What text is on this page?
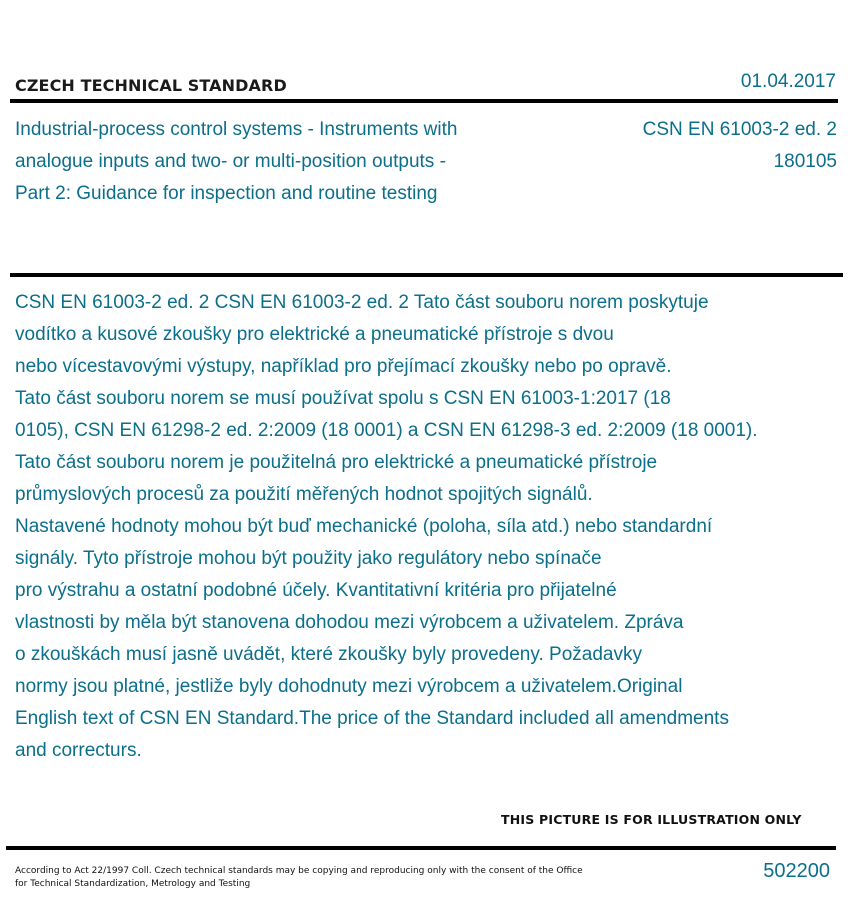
CZECH TECHNICAL STANDARD	01.04.2017
Industrial-process control systems - Instruments with
analogue inputs and two- or multi-position outputs -
Part 2: Guidance for inspection and routine testing
CSN EN 61003-2 ed. 2
180105
CSN EN 61003-2 ed. 2 CSN EN 61003-2 ed. 2 Tato část souboru norem poskytuje
vodítko a kusové zkoušky pro elektrické a pneumatické přístroje s dvou
nebo vícestavovými výstupy, například pro přejímací zkoušky nebo po opravě.
Tato část souboru norem se musí používat spolu s CSN EN 61003-1:2017 (18
0105), CSN EN 61298-2 ed. 2:2009 (18 0001) a CSN EN 61298-3 ed. 2:2009 (18 0001).
Tato část souboru norem je použitelná pro elektrické a pneumatické přístroje
průmyslových procesů za použití měřených hodnot spojitých signálů.
Nastavené hodnoty mohou být buď mechanické (poloha, síla atd.) nebo standardní
signály. Tyto přístroje mohou být použity jako regulátory nebo spínače
pro výstrahu a ostatní podobné účely. Kvantitativní kritéria pro přijatelné
vlastnosti by měla být stanovena dohodou mezi výrobcem a uživatelem. Zpráva
o zkouškách musí jasně uvádět, které zkoušky byly provedeny. Požadavky
normy jsou platné, jestliže byly dohodnuty mezi výrobcem a uživatelem.Original
English text of CSN EN Standard.The price of the Standard included all amendments
and correcturs.
THIS PICTURE IS FOR ILLUSTRATION ONLY
According to Act 22/1997 Coll. Czech technical standards may be copying and reproducing only with the consent of the Office
for Technical Standardization, Metrology and Testing
502200
